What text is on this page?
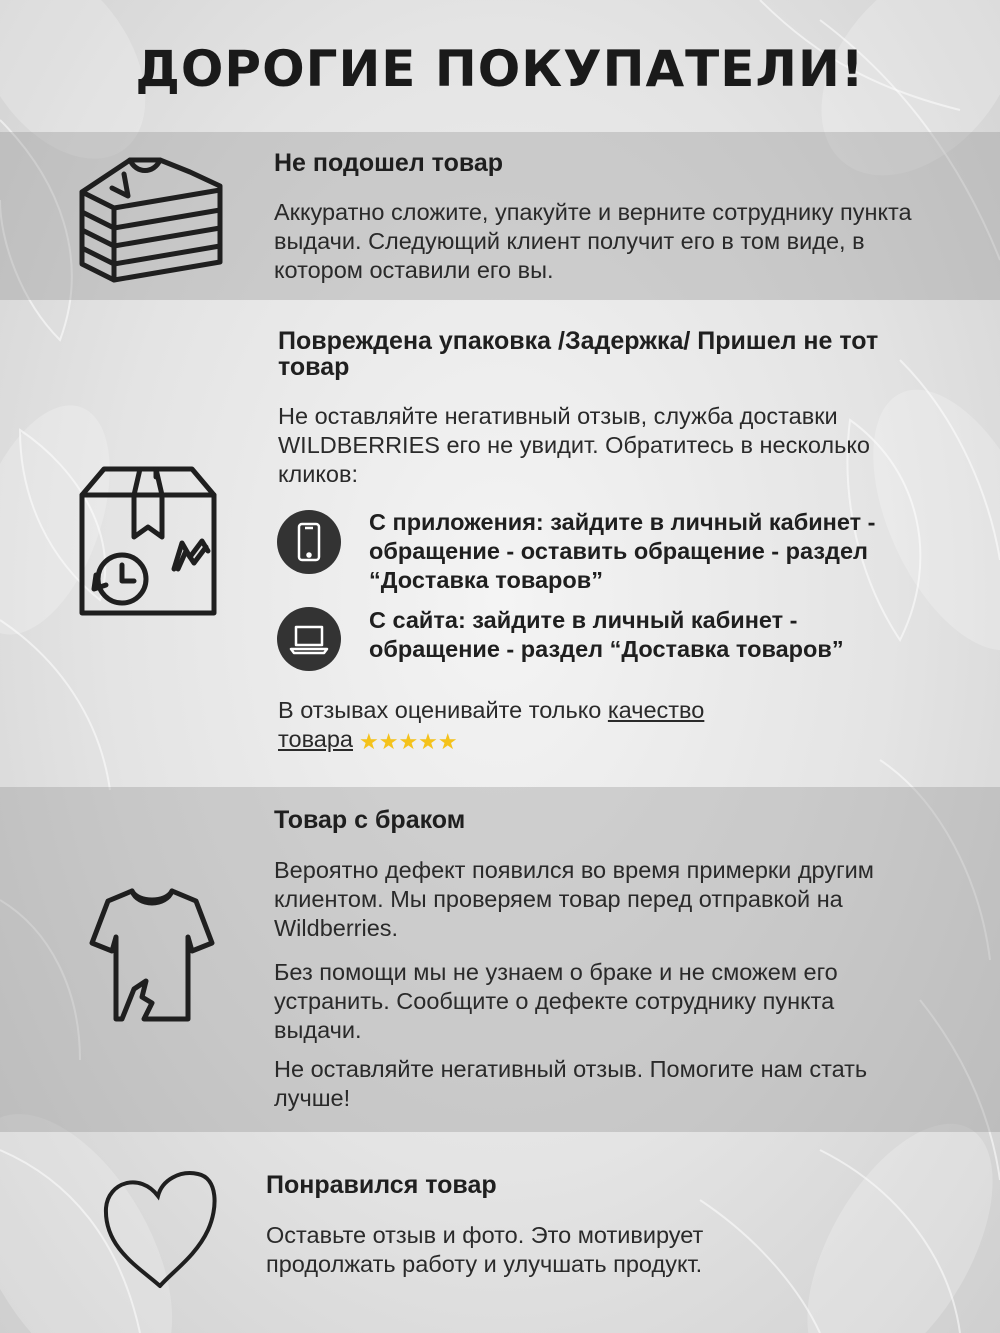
ДОРОГИЕ ПОКУПАТЕЛИ!
Не подошел товар
Аккуратно сложите, упакуйте и верните сотруднику пункта выдачи. Следующий клиент получит его в том виде, в котором оставили его вы.
Повреждена упаковка /Задержка/ Пришел не тот товар
Не оставляйте негативный отзыв, служба доставки WILDBERRIES его не увидит. Обратитесь в несколько кликов:
С приложения: зайдите в личный кабинет - обращение - оставить обращение - раздел “Доставка товаров”
С сайта: зайдите в личный кабинет - обращение - раздел “Доставка товаров”
В отзывах оценивайте только качество товара ★★★★★
Товар с браком
Вероятно дефект появился во время примерки другим клиентом. Мы проверяем товар перед отправкой на Wildberries.
Без помощи мы не узнаем о браке и не сможем его устранить. Сообщите о дефекте сотруднику пункта выдачи.
Не оставляйте негативный отзыв. Помогите нам стать лучше!
Понравился товар
Оставьте отзыв и фото. Это мотивирует продолжать работу и улучшать продукт.
